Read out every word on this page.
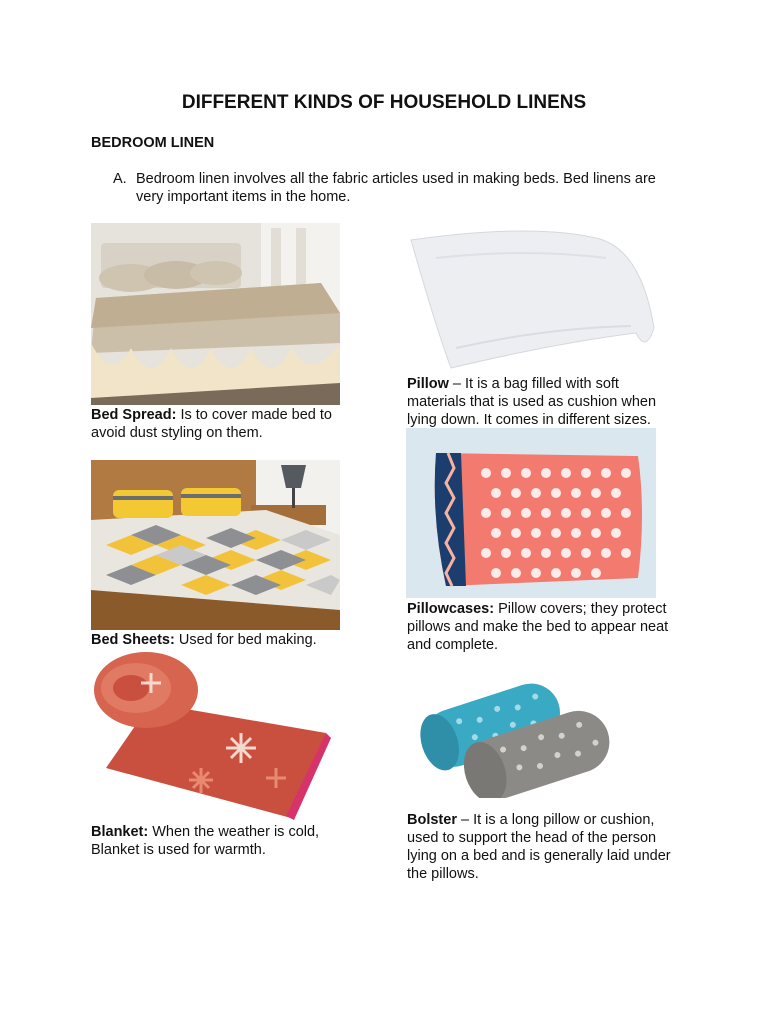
DIFFERENT KINDS OF HOUSEHOLD LINENS
BEDROOM LINEN
A. Bedroom linen involves all the fabric articles used in making beds. Bed linens are very important items in the home.
Bed Spread: Is to cover made bed to avoid dust styling on them.
Pillow – It is a bag filled with soft materials that is used as cushion when lying down. It comes in different sizes.
Bed Sheets: Used for bed making.
Pillowcases: Pillow covers; they protect pillows and make the bed to appear neat and complete.
Blanket: When the weather is cold, Blanket is used for warmth.
Bolster – It is a long pillow or cushion, used to support the head of the person lying on a bed and is generally laid under the pillows.
